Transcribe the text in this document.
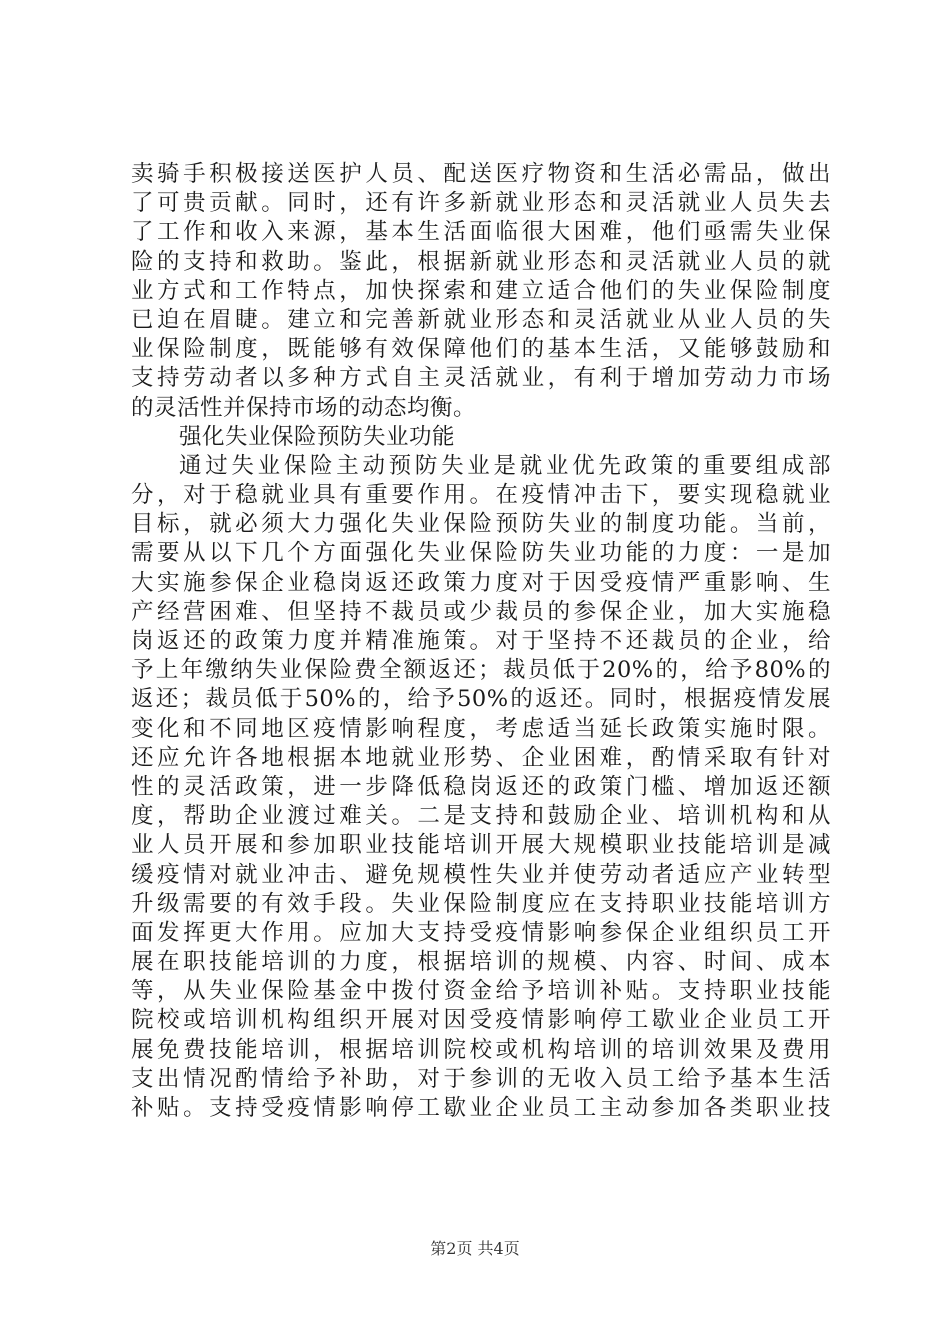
卖骑手积极接送医护人员、配送医疗物资和生活必需品，做出
了可贵贡献。同时，还有许多新就业形态和灵活就业人员失去
了工作和收入来源，基本生活面临很大困难，他们亟需失业保
险的支持和救助。鉴此，根据新就业形态和灵活就业人员的就
业方式和工作特点，加快探索和建立适合他们的失业保险制度
已迫在眉睫。建立和完善新就业形态和灵活就业从业人员的失
业保险制度，既能够有效保障他们的基本生活，又能够鼓励和
支持劳动者以多种方式自主灵活就业，有利于增加劳动力市场
的灵活性并保持市场的动态均衡。
强化失业保险预防失业功能
通过失业保险主动预防失业是就业优先政策的重要组成部
分，对于稳就业具有重要作用。在疫情冲击下，要实现稳就业
目标，就必须大力强化失业保险预防失业的制度功能。当前，
需要从以下几个方面强化失业保险防失业功能的力度：一是加
大实施参保企业稳岗返还政策力度对于因受疫情严重影响、生
产经营困难、但坚持不裁员或少裁员的参保企业，加大实施稳
岗返还的政策力度并精准施策。对于坚持不还裁员的企业，给
予上年缴纳失业保险费全额返还；裁员低于20%的，给予80%的
返还；裁员低于50%的，给予50%的返还。同时，根据疫情发展
变化和不同地区疫情影响程度，考虑适当延长政策实施时限。
还应允许各地根据本地就业形势、企业困难，酌情采取有针对
性的灵活政策，进一步降低稳岗返还的政策门槛、增加返还额
度，帮助企业渡过难关。二是支持和鼓励企业、培训机构和从
业人员开展和参加职业技能培训开展大规模职业技能培训是减
缓疫情对就业冲击、避免规模性失业并使劳动者适应产业转型
升级需要的有效手段。失业保险制度应在支持职业技能培训方
面发挥更大作用。应加大支持受疫情影响参保企业组织员工开
展在职技能培训的力度，根据培训的规模、内容、时间、成本
等，从失业保险基金中拨付资金给予培训补贴。支持职业技能
院校或培训机构组织开展对因受疫情影响停工歇业企业员工开
展免费技能培训，根据培训院校或机构培训的培训效果及费用
支出情况酌情给予补助，对于参训的无收入员工给予基本生活
补贴。支持受疫情影响停工歇业企业员工主动参加各类职业技
第2页 共4页
